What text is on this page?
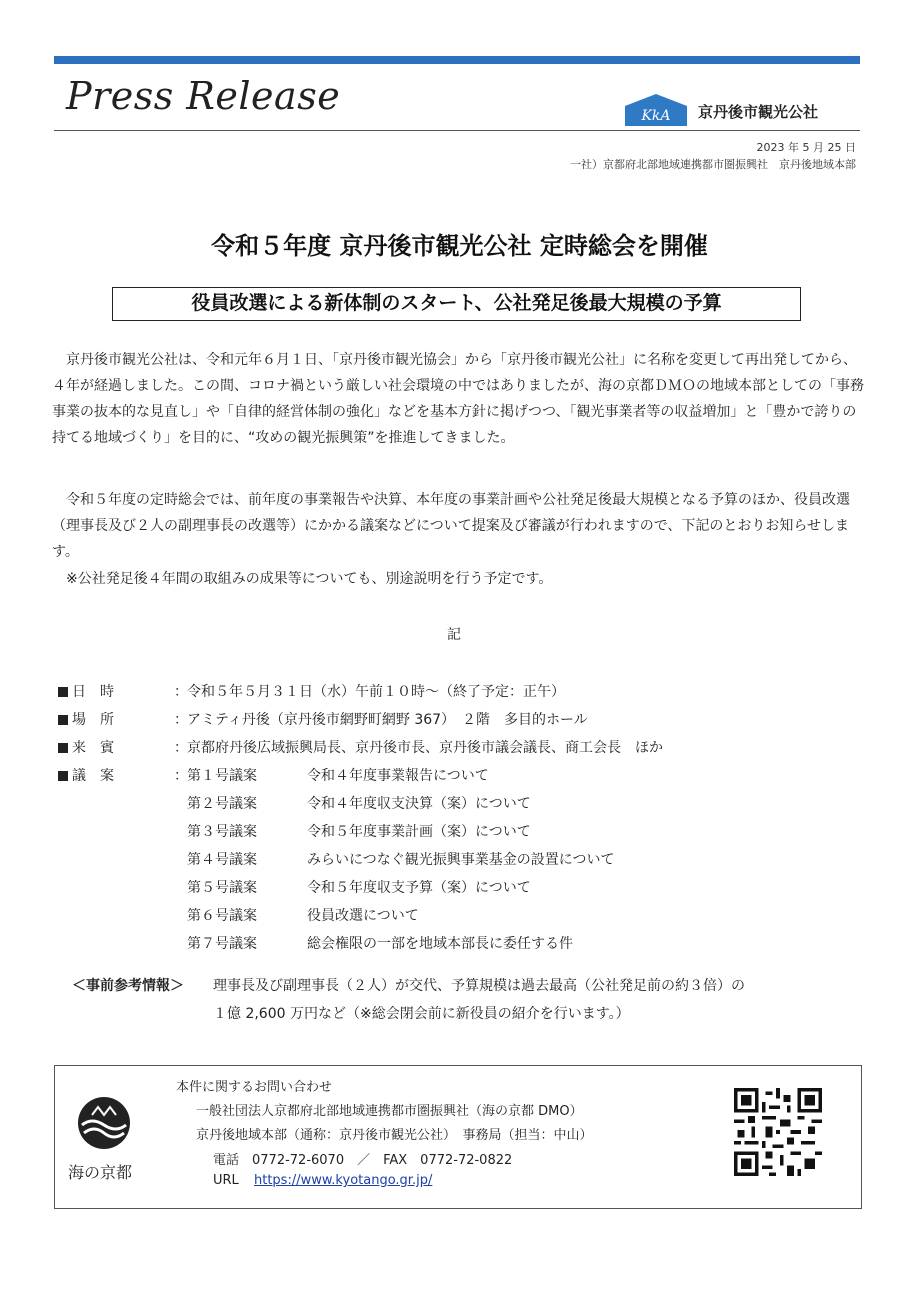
Press Release	KkA 京丹後市観光公社
2023 年 5 月 25 日
一社）京都府北部地域連携都市圏振興社　京丹後地域本部
令和５年度 京丹後市観光公社 定時総会を開催
役員改選による新体制のスタート、公社発足後最大規模の予算
京丹後市観光公社は、令和元年６月１日、「京丹後市観光協会」から「京丹後市観光公社」に名称を変更して再出発してから、４年が経過しました。この間、コロナ禍という厳しい社会環境の中ではありましたが、海の京都ＤＭＯの地域本部としての「事務事業の抜本的な見直し」や「自律的経営体制の強化」などを基本方針に掲げつつ、「観光事業者等の収益増加」と「豊かで誇りの持てる地域づくり」を目的に、“攻めの観光振興策”を推進してきました。
令和５年度の定時総会では、前年度の事業報告や決算、本年度の事業計画や公社発足後最大規模となる予算のほか、役員改選（理事長及び２人の副理事長の改選等）にかかる議案などについて提案及び審議が行われますので、下記のとおりお知らせします。
※公社発足後４年間の取組みの成果等についても、別途説明を行う予定です。
記
日　時	： 令和５年５月３１日（水）午前１０時～（終了予定：正午）
場　所	： アミティ丹後（京丹後市網野町網野 367）　２階　多目的ホール
来　賓	： 京都府丹後広域振興局長、京丹後市長、京丹後市議会議長、商工会長　ほか
議　案	： 第１号議案	令和４年度事業報告について
第２号議案	令和４年度収支決算（案）について
第３号議案	令和５年度事業計画（案）について
第４号議案	みらいにつなぐ観光振興事業基金の設置について
第５号議案	令和５年度収支予算（案）について
第６号議案	役員改選について
第７号議案	総会権限の一部を地域本部長に委任する件
＜事前参考情報＞ 理事長及び副理事長（２人）が交代、予算規模は過去最高（公社発足前の約３倍）の
１億 2,600 万円など（※総会閉会前に新役員の紹介を行います。）
本件に関するお問い合わせ
一般社団法人京都府北部地域連携都市圏振興社（海の京都 DMO）
京丹後地域本部（通称：京丹後市観光公社）　事務局（担当：中山）
電話　0772-72-6070　／　FAX　0772-72-0822
URL https://www.kyotango.gr.jp/
海の京都
